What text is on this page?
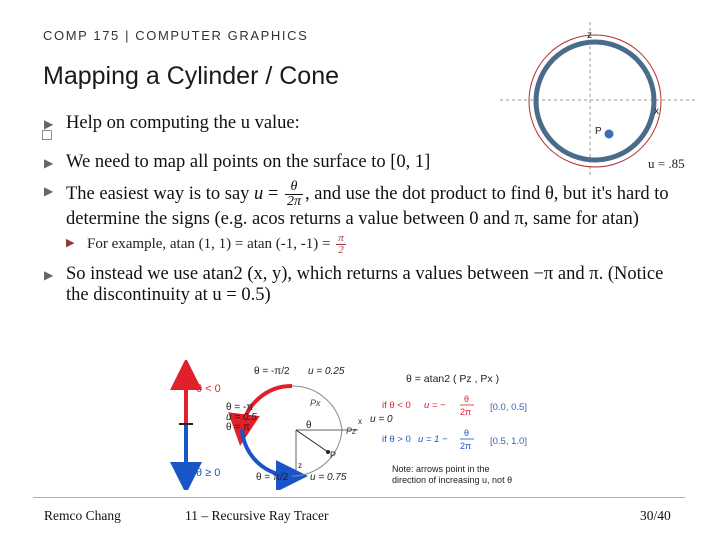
COMP 175 | COMPUTER GRAPHICS
Mapping a Cylinder / Cone
▶ Help on computing the u value:
▶ We need to map all points on the surface to [0, 1]
▶ The easiest way is to say $u = \frac{\theta}{2\pi}$ , and use the dot product to find θ, but it's hard to determine the signs (e.g. acos returns a value between 0 and π, same for atan)
▶ For example, atan (1, 1) = atan (-1, $-1) = \frac{\pi}{2}$
▶ So instead we use atan2 (x, y), which returns a values between −π and π. (Notice the discontinuity at u = 0.5)
□
z
x
P
u = .85
θ < 0
θ ≥ 0
θ = -π/2 u = 0.25
θ = -π
u = 0.5
θ = π
θ = π/2 u = 0.75
Px
Pz
P
x
z
θ
u = 0
θ = atan2 ( Pz , Px )
if θ < 0 u = −
θ
2π [0.0, 0.5]
if θ > 0 u = 1 −
θ
2π [0.5, 1.0]
Note: arrows point in the
direction of increasing u, not θ
Remco Chang	11 – Recursive Ray Tracer	30/40
